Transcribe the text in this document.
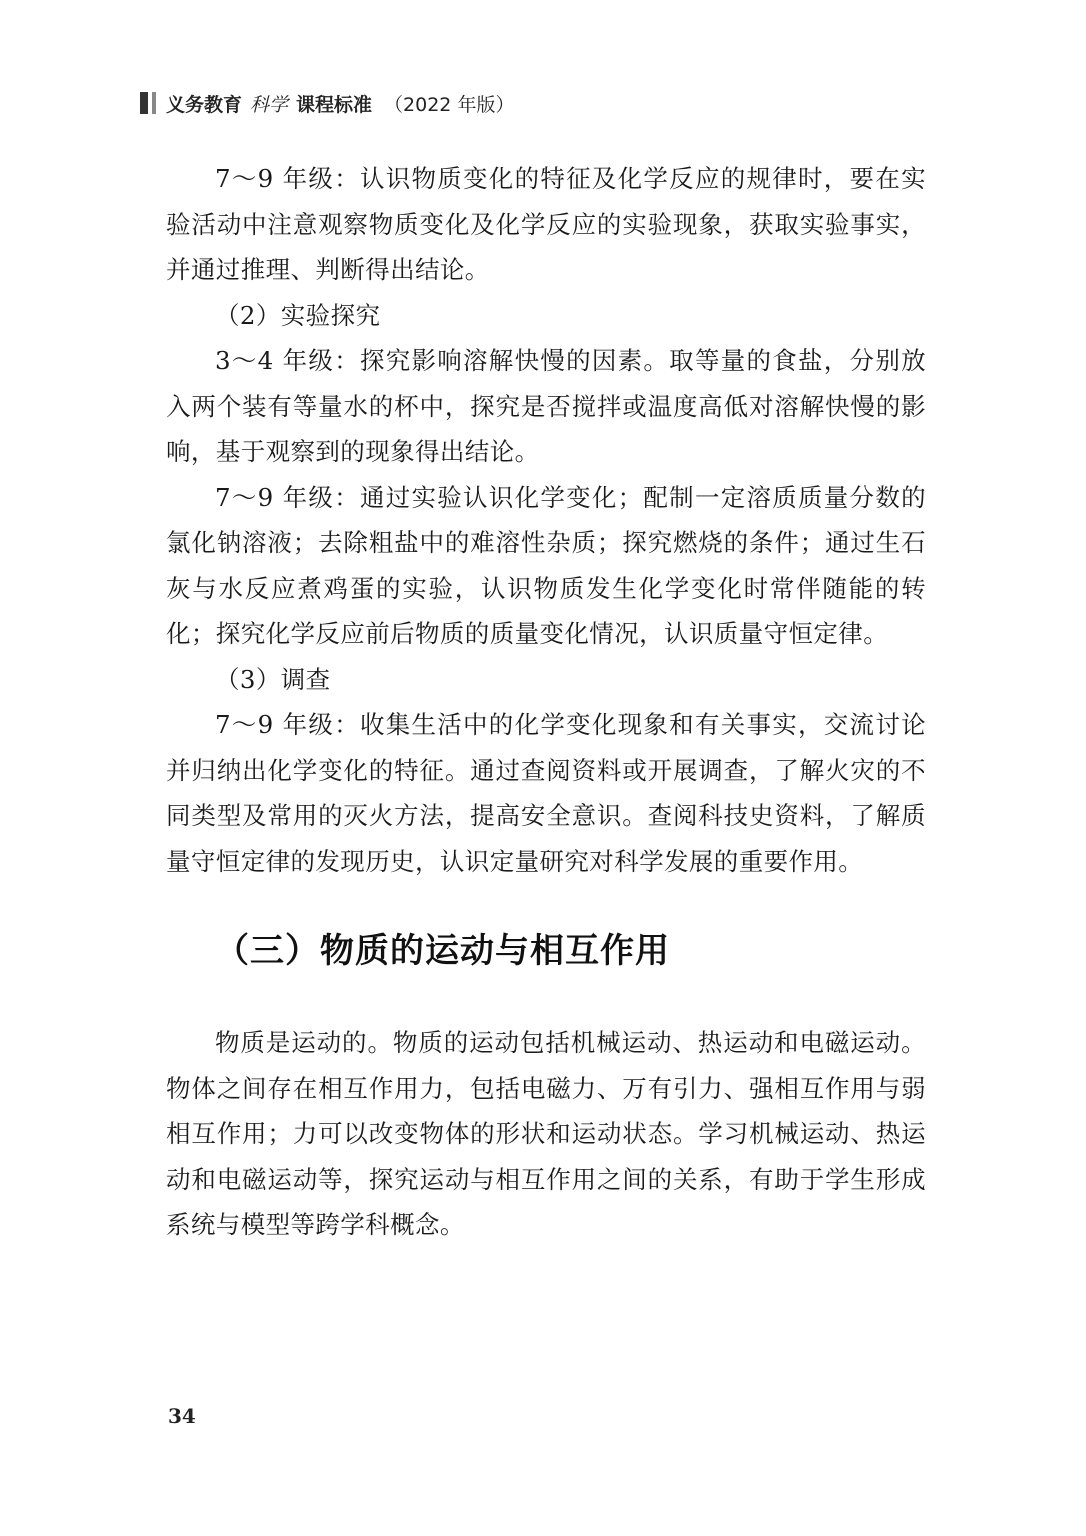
义务教育 科学 课程标准 （2022 年版）

7～9 年级：认识物质变化的特征及化学反应的规律时，要在实验活动中注意观察物质变化及化学反应的实验现象，获取实验事实，并通过推理、判断得出结论。

（2）实验探究

3～4 年级：探究影响溶解快慢的因素。取等量的食盐，分别放入两个装有等量水的杯中，探究是否搅拌或温度高低对溶解快慢的影响，基于观察到的现象得出结论。

7～9 年级：通过实验认识化学变化；配制一定溶质质量分数的氯化钠溶液；去除粗盐中的难溶性杂质；探究燃烧的条件；通过生石灰与水反应煮鸡蛋的实验，认识物质发生化学变化时常伴随能的转化；探究化学反应前后物质的质量变化情况，认识质量守恒定律。

（3）调查

7～9 年级：收集生活中的化学变化现象和有关事实，交流讨论并归纳出化学变化的特征。通过查阅资料或开展调查，了解火灾的不同类型及常用的灭火方法，提高安全意识。查阅科技史资料，了解质量守恒定律的发现历史，认识定量研究对科学发展的重要作用。

（三）物质的运动与相互作用

物质是运动的。物质的运动包括机械运动、热运动和电磁运动。物体之间存在相互作用力，包括电磁力、万有引力、强相互作用与弱相互作用；力可以改变物体的形状和运动状态。学习机械运动、热运动和电磁运动等，探究运动与相互作用之间的关系，有助于学生形成系统与模型等跨学科概念。

34
